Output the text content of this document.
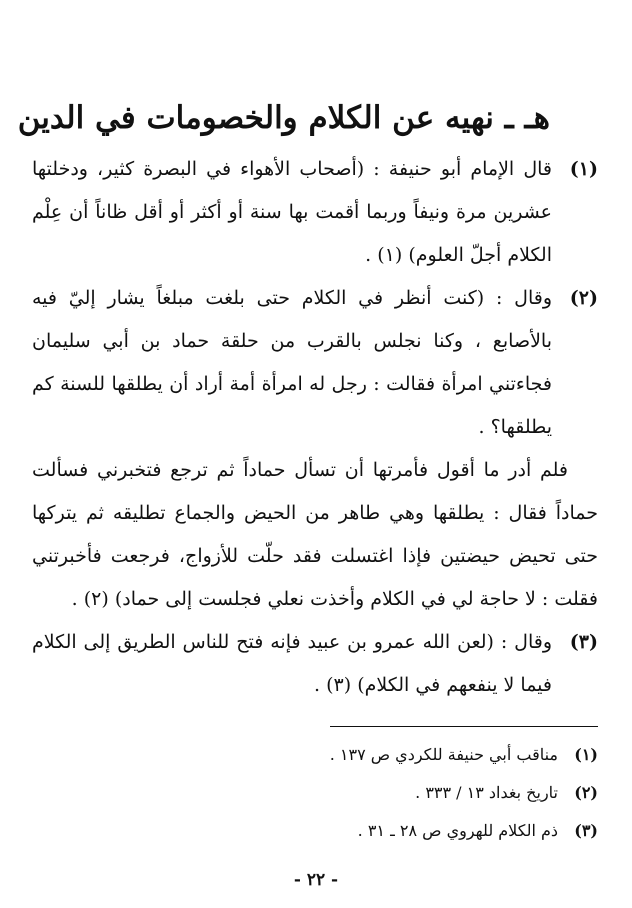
هـ ـ نهيه عن الكلام والخصومات في الدين
(١)
قال الإمام أبو حنيفة : (أصحاب الأهواء في البصرة كثير، ودخلتها عشرين مرة ونيفاً وربما أقمت بها سنة أو أكثر أو أقل ظاناً أن عِلْم الكلام أجلّ العلوم) (١) .
(٢)
وقال : (كنت أنظر في الكلام حتى بلغت مبلغاً يشار إليّ فيه بالأصابع ، وكنا نجلس بالقرب من حلقة حماد بن أبي سليمان فجاءتني امرأة فقالت : رجل له امرأة أمة أراد أن يطلقها للسنة كم يطلقها؟ .

فلم أدر ما أقول فأمرتها أن تسأل حماداً ثم ترجع فتخبرني فسألت حماداً فقال : يطلقها وهي طاهر من الحيض والجماع تطليقه ثم يتركها حتى تحيض حيضتين فإذا اغتسلت فقد حلّت للأزواج، فرجعت فأخبرتني فقلت : لا حاجة لي في الكلام وأخذت نعلي فجلست إلى حماد) (٢) .

(٣)
وقال : (لعن الله عمرو بن عبيد فإنه فتح للناس الطريق إلى الكلام فيما لا ينفعهم في الكلام) (٣) .
(١)
مناقب أبي حنيفة للكردي ص ١٣٧ .
(٢)
تاريخ بغداد ١٣ / ٣٣٣ .
(٣)
ذم الكلام للهروي ص ٢٨ ـ ٣١ .
- ٢٢ -
